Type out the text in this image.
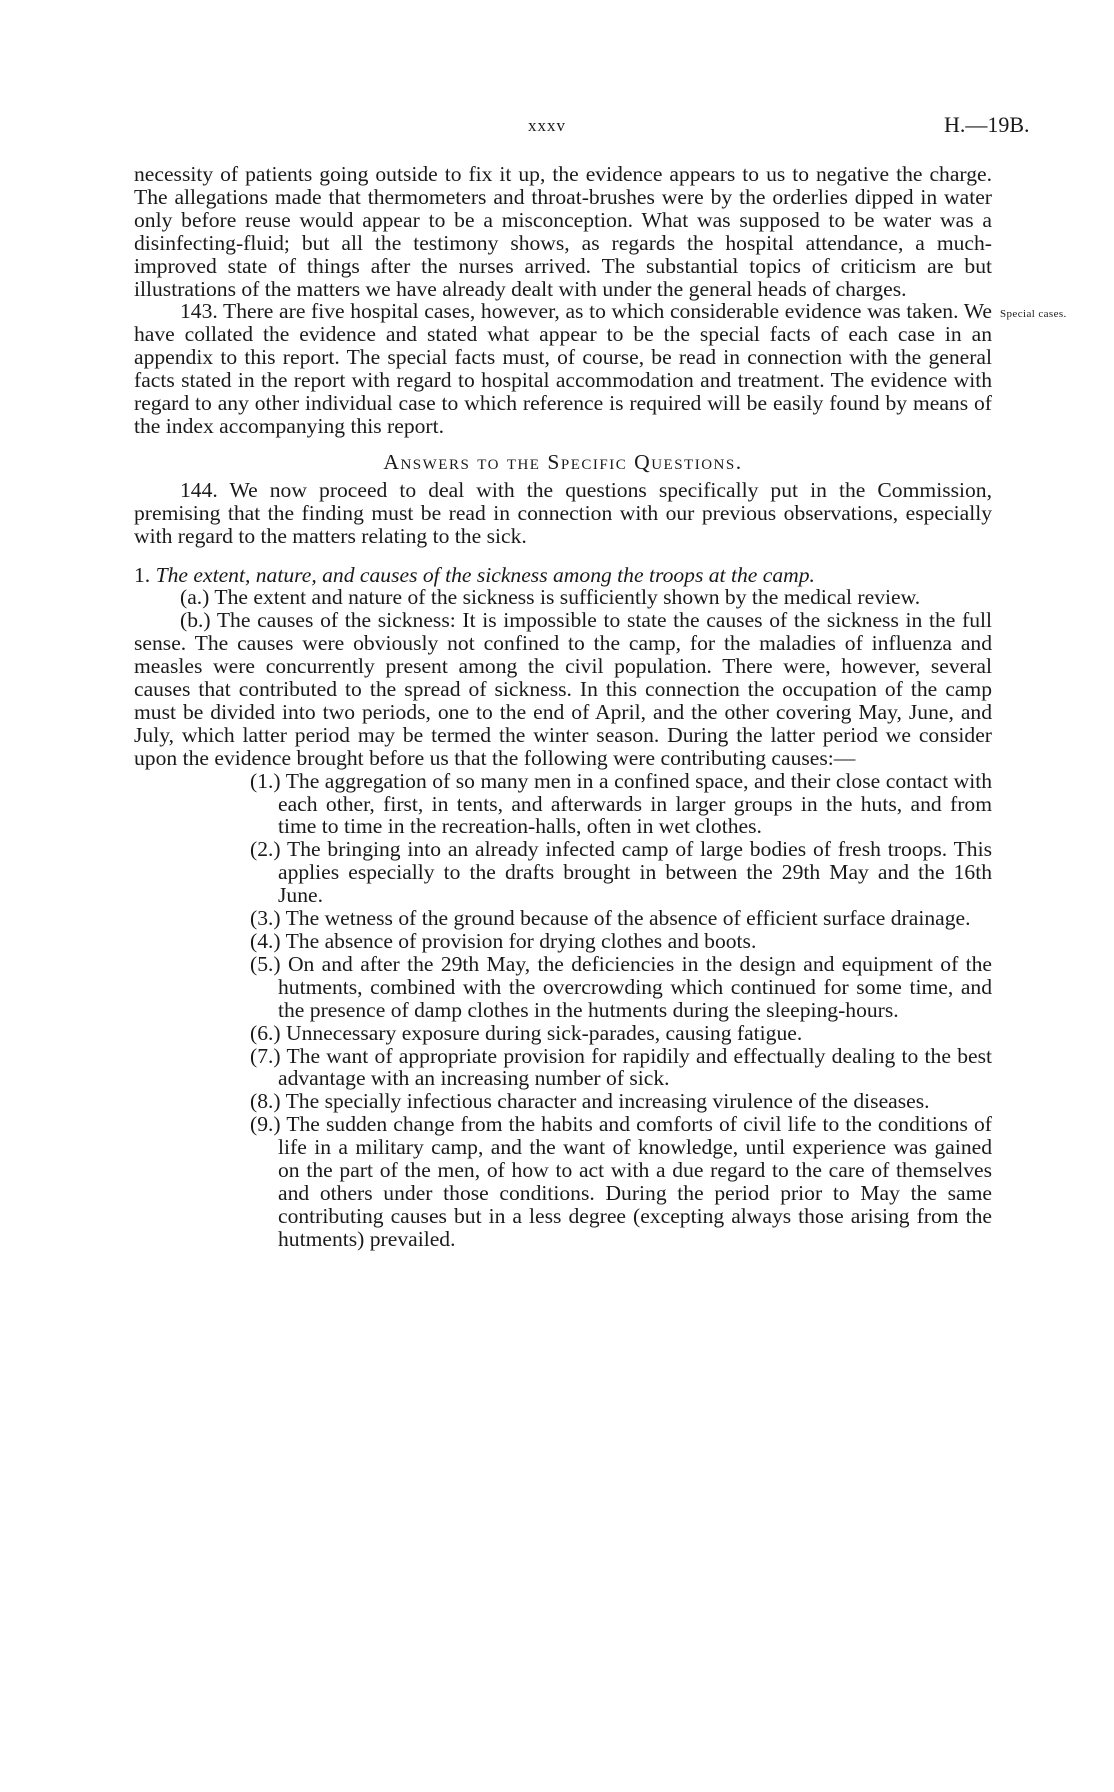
xxxv	H.—19B.

necessity of patients going outside to fix it up, the evidence appears to us to negative the charge. The allegations made that thermometers and throat-brushes were by the orderlies dipped in water only before reuse would appear to be a misconception. What was supposed to be water was a disinfecting-fluid; but all the testimony shows, as regards the hospital attendance, a much-improved state of things after the nurses arrived. The substantial topics of criticism are but illustrations of the matters we have already dealt with under the general heads of charges.

143. There are five hospital cases, however, as to which considerable evidence was taken. We have collated the evidence and stated what appear to be the special facts of each case in an appendix to this report. The special facts must, of course, be read in connection with the general facts stated in the report with regard to hospital accommodation and treatment. The evidence with regard to any other individual case to which reference is required will be easily found by means of the index accompanying this report.

Special cases.

Answers to the Specific Questions.

144. We now proceed to deal with the questions specifically put in the Commission, premising that the finding must be read in connection with our previous observations, especially with regard to the matters relating to the sick.

1. The extent, nature, and causes of the sickness among the troops at the camp.

(a.) The extent and nature of the sickness is sufficiently shown by the medical review.

(b.) The causes of the sickness: It is impossible to state the causes of the sickness in the full sense. The causes were obviously not confined to the camp, for the maladies of influenza and measles were concurrently present among the civil population. There were, however, several causes that contributed to the spread of sickness. In this connection the occupation of the camp must be divided into two periods, one to the end of April, and the other covering May, June, and July, which latter period may be termed the winter season. During the latter period we consider upon the evidence brought before us that the following were contributing causes:—

(1.) The aggregation of so many men in a confined space, and their close contact with each other, first, in tents, and afterwards in larger groups in the huts, and from time to time in the recreation-halls, often in wet clothes.
(2.) The bringing into an already infected camp of large bodies of fresh troops. This applies especially to the drafts brought in between the 29th May and the 16th June.
(3.) The wetness of the ground because of the absence of efficient surface drainage.
(4.) The absence of provision for drying clothes and boots.
(5.) On and after the 29th May, the deficiencies in the design and equipment of the hutments, combined with the overcrowding which continued for some time, and the presence of damp clothes in the hutments during the sleeping-hours.
(6.) Unnecessary exposure during sick-parades, causing fatigue.
(7.) The want of appropriate provision for rapidily and effectually dealing to the best advantage with an increasing number of sick.
(8.) The specially infectious character and increasing virulence of the diseases.
(9.) The sudden change from the habits and comforts of civil life to the conditions of life in a military camp, and the want of knowledge, until experience was gained on the part of the men, of how to act with a due regard to the care of themselves and others under those conditions. During the period prior to May the same contributing causes but in a less degree (excepting always those arising from the hutments) prevailed.
